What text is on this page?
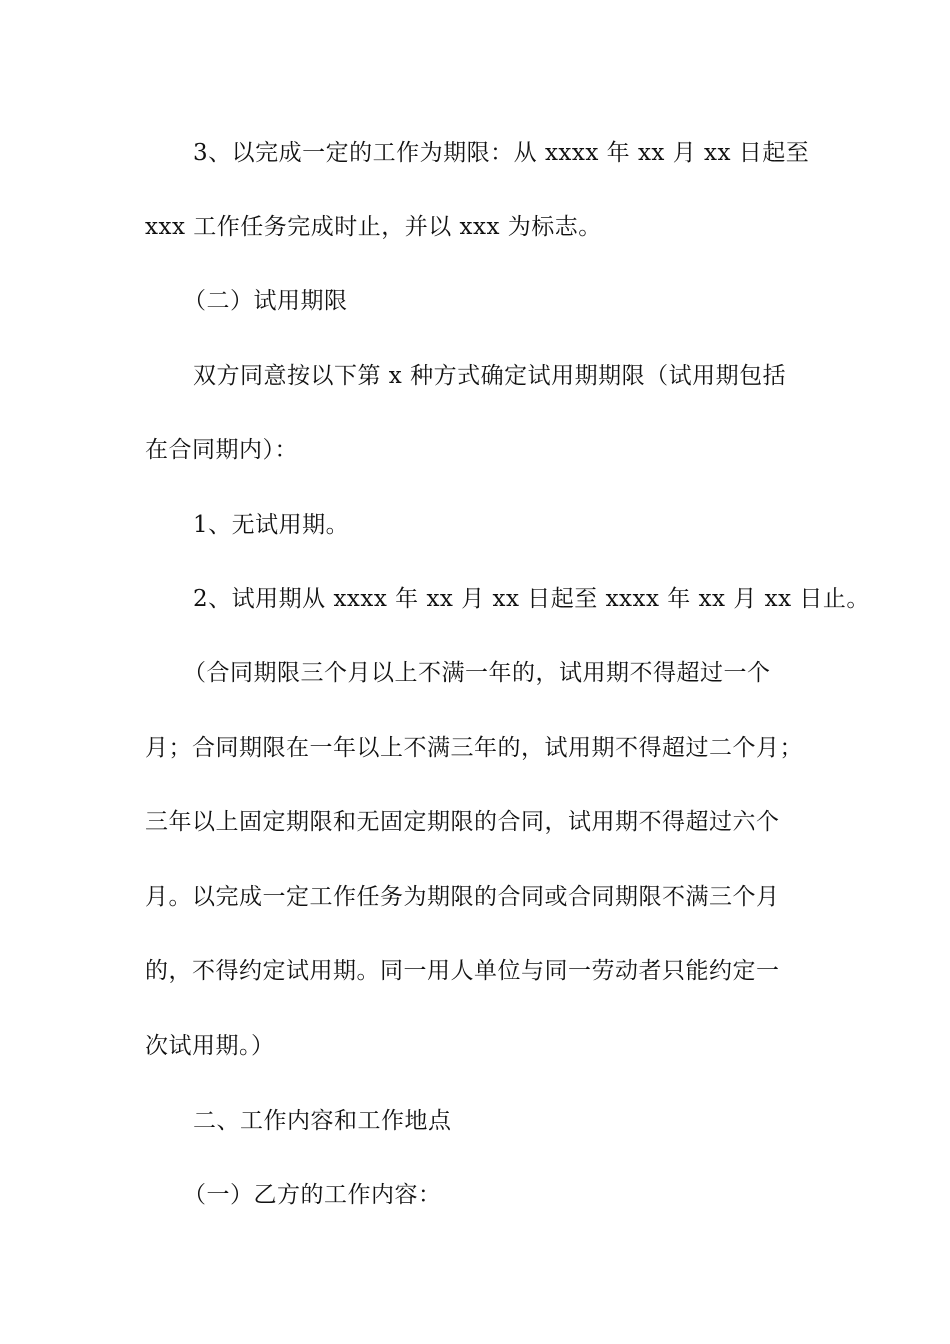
3、以完成一定的工作为期限：从 xxxx 年 xx 月 xx 日起至
xxx 工作任务完成时止，并以 xxx 为标志。
（二）试用期限
双方同意按以下第 x 种方式确定试用期期限（试用期包括
在合同期内）：
1、无试用期。
2、试用期从 xxxx 年 xx 月 xx 日起至 xxxx 年 xx 月 xx 日止。
（合同期限三个月以上不满一年的，试用期不得超过一个
月；合同期限在一年以上不满三年的，试用期不得超过二个月；
三年以上固定期限和无固定期限的合同，试用期不得超过六个
月。以完成一定工作任务为期限的合同或合同期限不满三个月
的，不得约定试用期。同一用人单位与同一劳动者只能约定一
次试用期。）
二、工作内容和工作地点
（一）乙方的工作内容：
